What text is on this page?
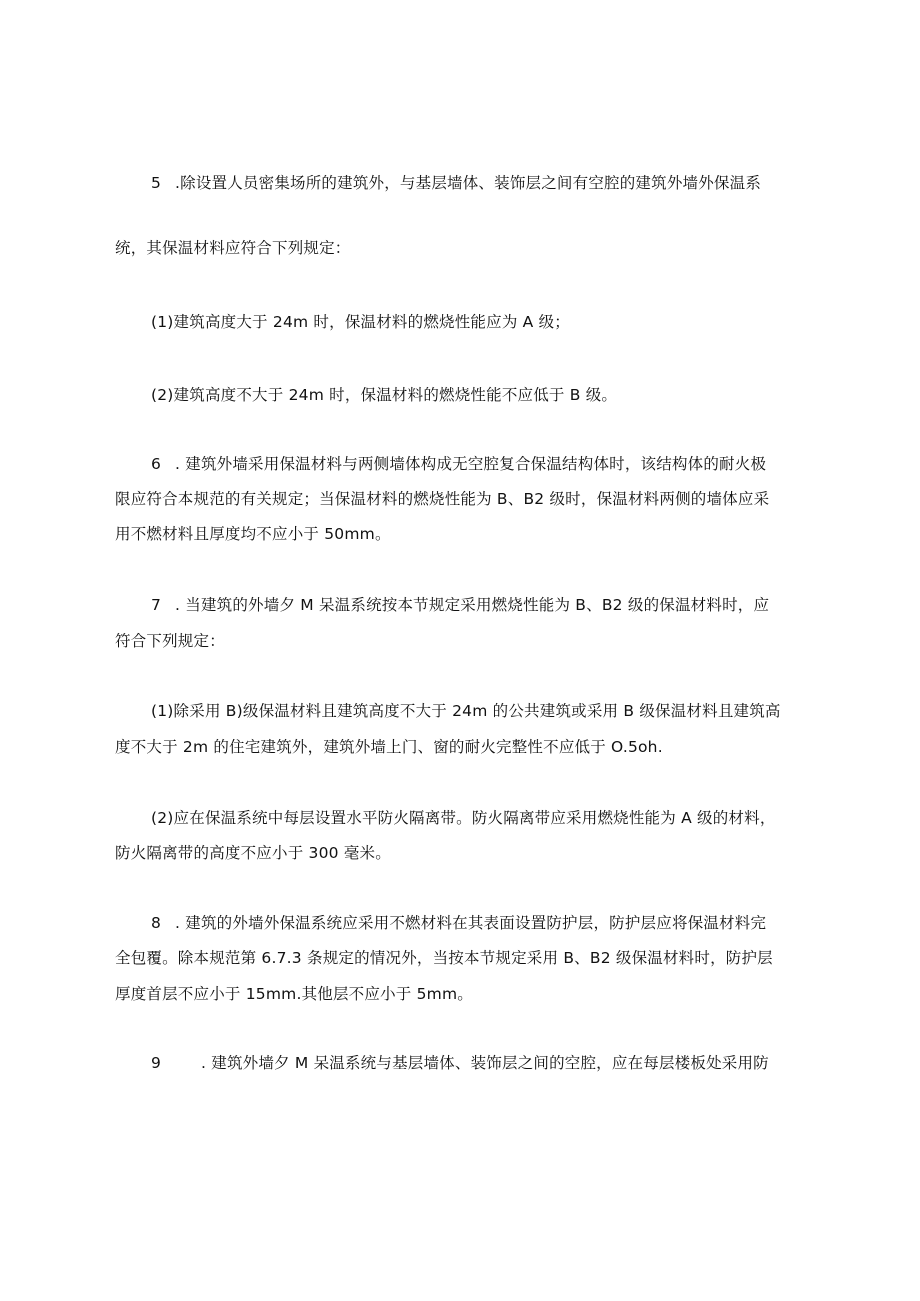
5 .除设置人员密集场所的建筑外，与基层墙体、装饰层之间有空腔的建筑外墙外保温系
统，其保温材料应符合下列规定：
(1)建筑高度大于 24m 时，保温材料的燃烧性能应为 A 级；
(2)建筑高度不大于 24m 时，保温材料的燃烧性能不应低于 B 级。
6 . 建筑外墙采用保温材料与两侧墙体构成无空腔复合保温结构体时，该结构体的耐火极
限应符合本规范的有关规定；当保温材料的燃烧性能为 B、B2 级时，保温材料两侧的墙体应采
用不燃材料且厚度均不应小于 50mm。
7 . 当建筑的外墙夕 M 呆温系统按本节规定采用燃烧性能为 B、B2 级的保温材料时，应
符合下列规定：
(1)除采用 B)级保温材料且建筑高度不大于 24m 的公共建筑或采用 B 级保温材料且建筑高
度不大于 2m 的住宅建筑外，建筑外墙上门、窗的耐火完整性不应低于 O.5oh.
(2)应在保温系统中每层设置水平防火隔离带。防火隔离带应采用燃烧性能为 A 级的材料，
防火隔离带的高度不应小于 300 毫米。
8 . 建筑的外墙外保温系统应采用不燃材料在其表面设置防护层，防护层应将保温材料完
全包覆。除本规范第 6.7.3 条规定的情况外，当按本节规定采用 B、B2 级保温材料时，防护层
厚度首层不应小于 15mm.其他层不应小于 5mm。
9	. 建筑外墙夕 M 呆温系统与基层墙体、装饰层之间的空腔，应在每层楼板处采用防
